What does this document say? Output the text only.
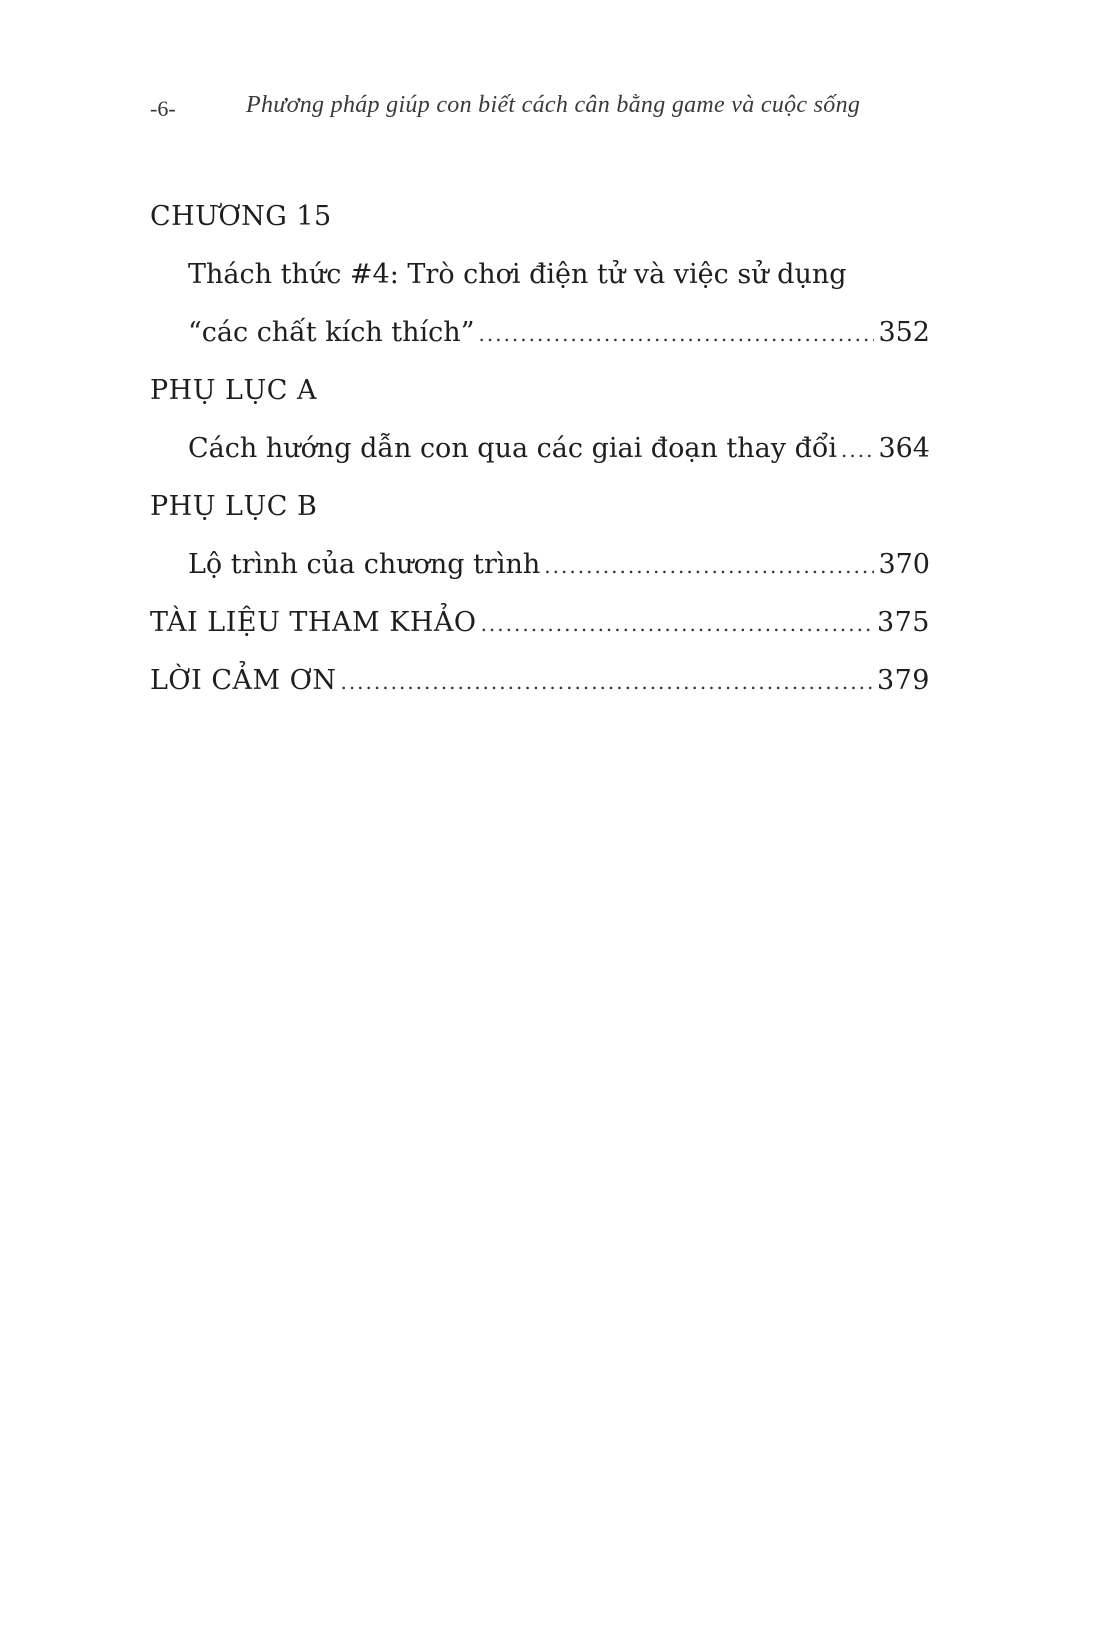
-6-	Phương pháp giúp con biết cách cân bằng game và cuộc sống
CHƯƠNG 15
Thách thức #4: Trò chơi điện tử và việc sử dụng
“các chất kích thích” .....	352
PHỤ LỤC A
Cách hướng dẫn con qua các giai đoạn thay đổi ..... 364
PHỤ LỤC B
Lộ trình của chương trình .....	370
TÀI LIỆU THAM KHẢO .....	375
LỜI CẢM ƠN .....	379
